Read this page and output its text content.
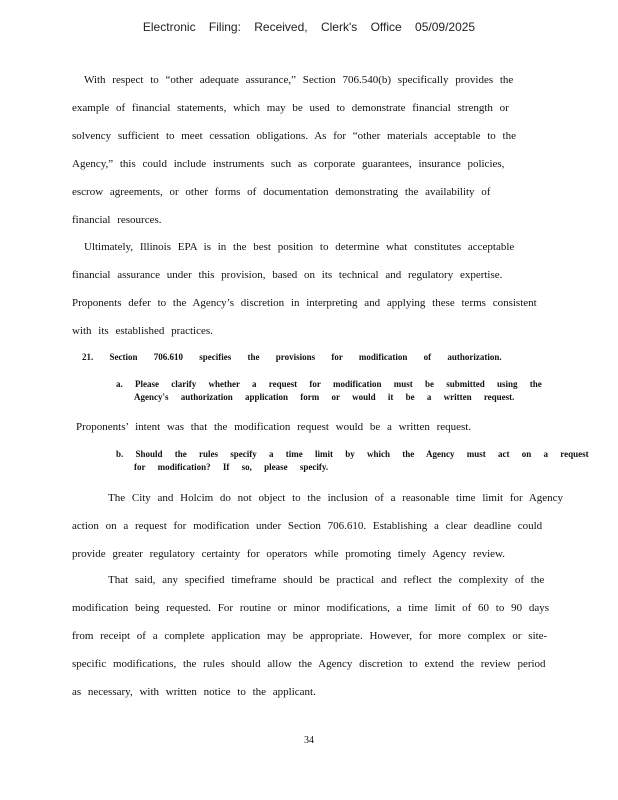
Electronic Filing: Received, Clerk's Office 05/09/2025

With respect to “other adequate assurance,” Section 706.540(b) specifically provides the
example of financial statements, which may be used to demonstrate financial strength or
solvency sufficient to meet cessation obligations. As for “other materials acceptable to the
Agency,” this could include instruments such as corporate guarantees, insurance policies,
escrow agreements, or other forms of documentation demonstrating the availability of
financial resources.

Ultimately, Illinois EPA is in the best position to determine what constitutes acceptable
financial assurance under this provision, based on its technical and regulatory expertise.
Proponents defer to the Agency’s discretion in interpreting and applying these terms consistent
with its established practices.

21. Section 706.610 specifies the provisions for modification of authorization.

a. Please clarify whether a request for modification must be submitted using the
Agency's authorization application form or would it be a written request.

Proponents’ intent was that the modification request would be a written request.

b. Should the rules specify a time limit by which the Agency must act on a request
for modification? If so, please specify.

The City and Holcim do not object to the inclusion of a reasonable time limit for Agency
action on a request for modification under Section 706.610. Establishing a clear deadline could
provide greater regulatory certainty for operators while promoting timely Agency review.

That said, any specified timeframe should be practical and reflect the complexity of the
modification being requested. For routine or minor modifications, a time limit of 60 to 90 days
from receipt of a complete application may be appropriate. However, for more complex or site-
specific modifications, the rules should allow the Agency discretion to extend the review period
as necessary, with written notice to the applicant.

34
